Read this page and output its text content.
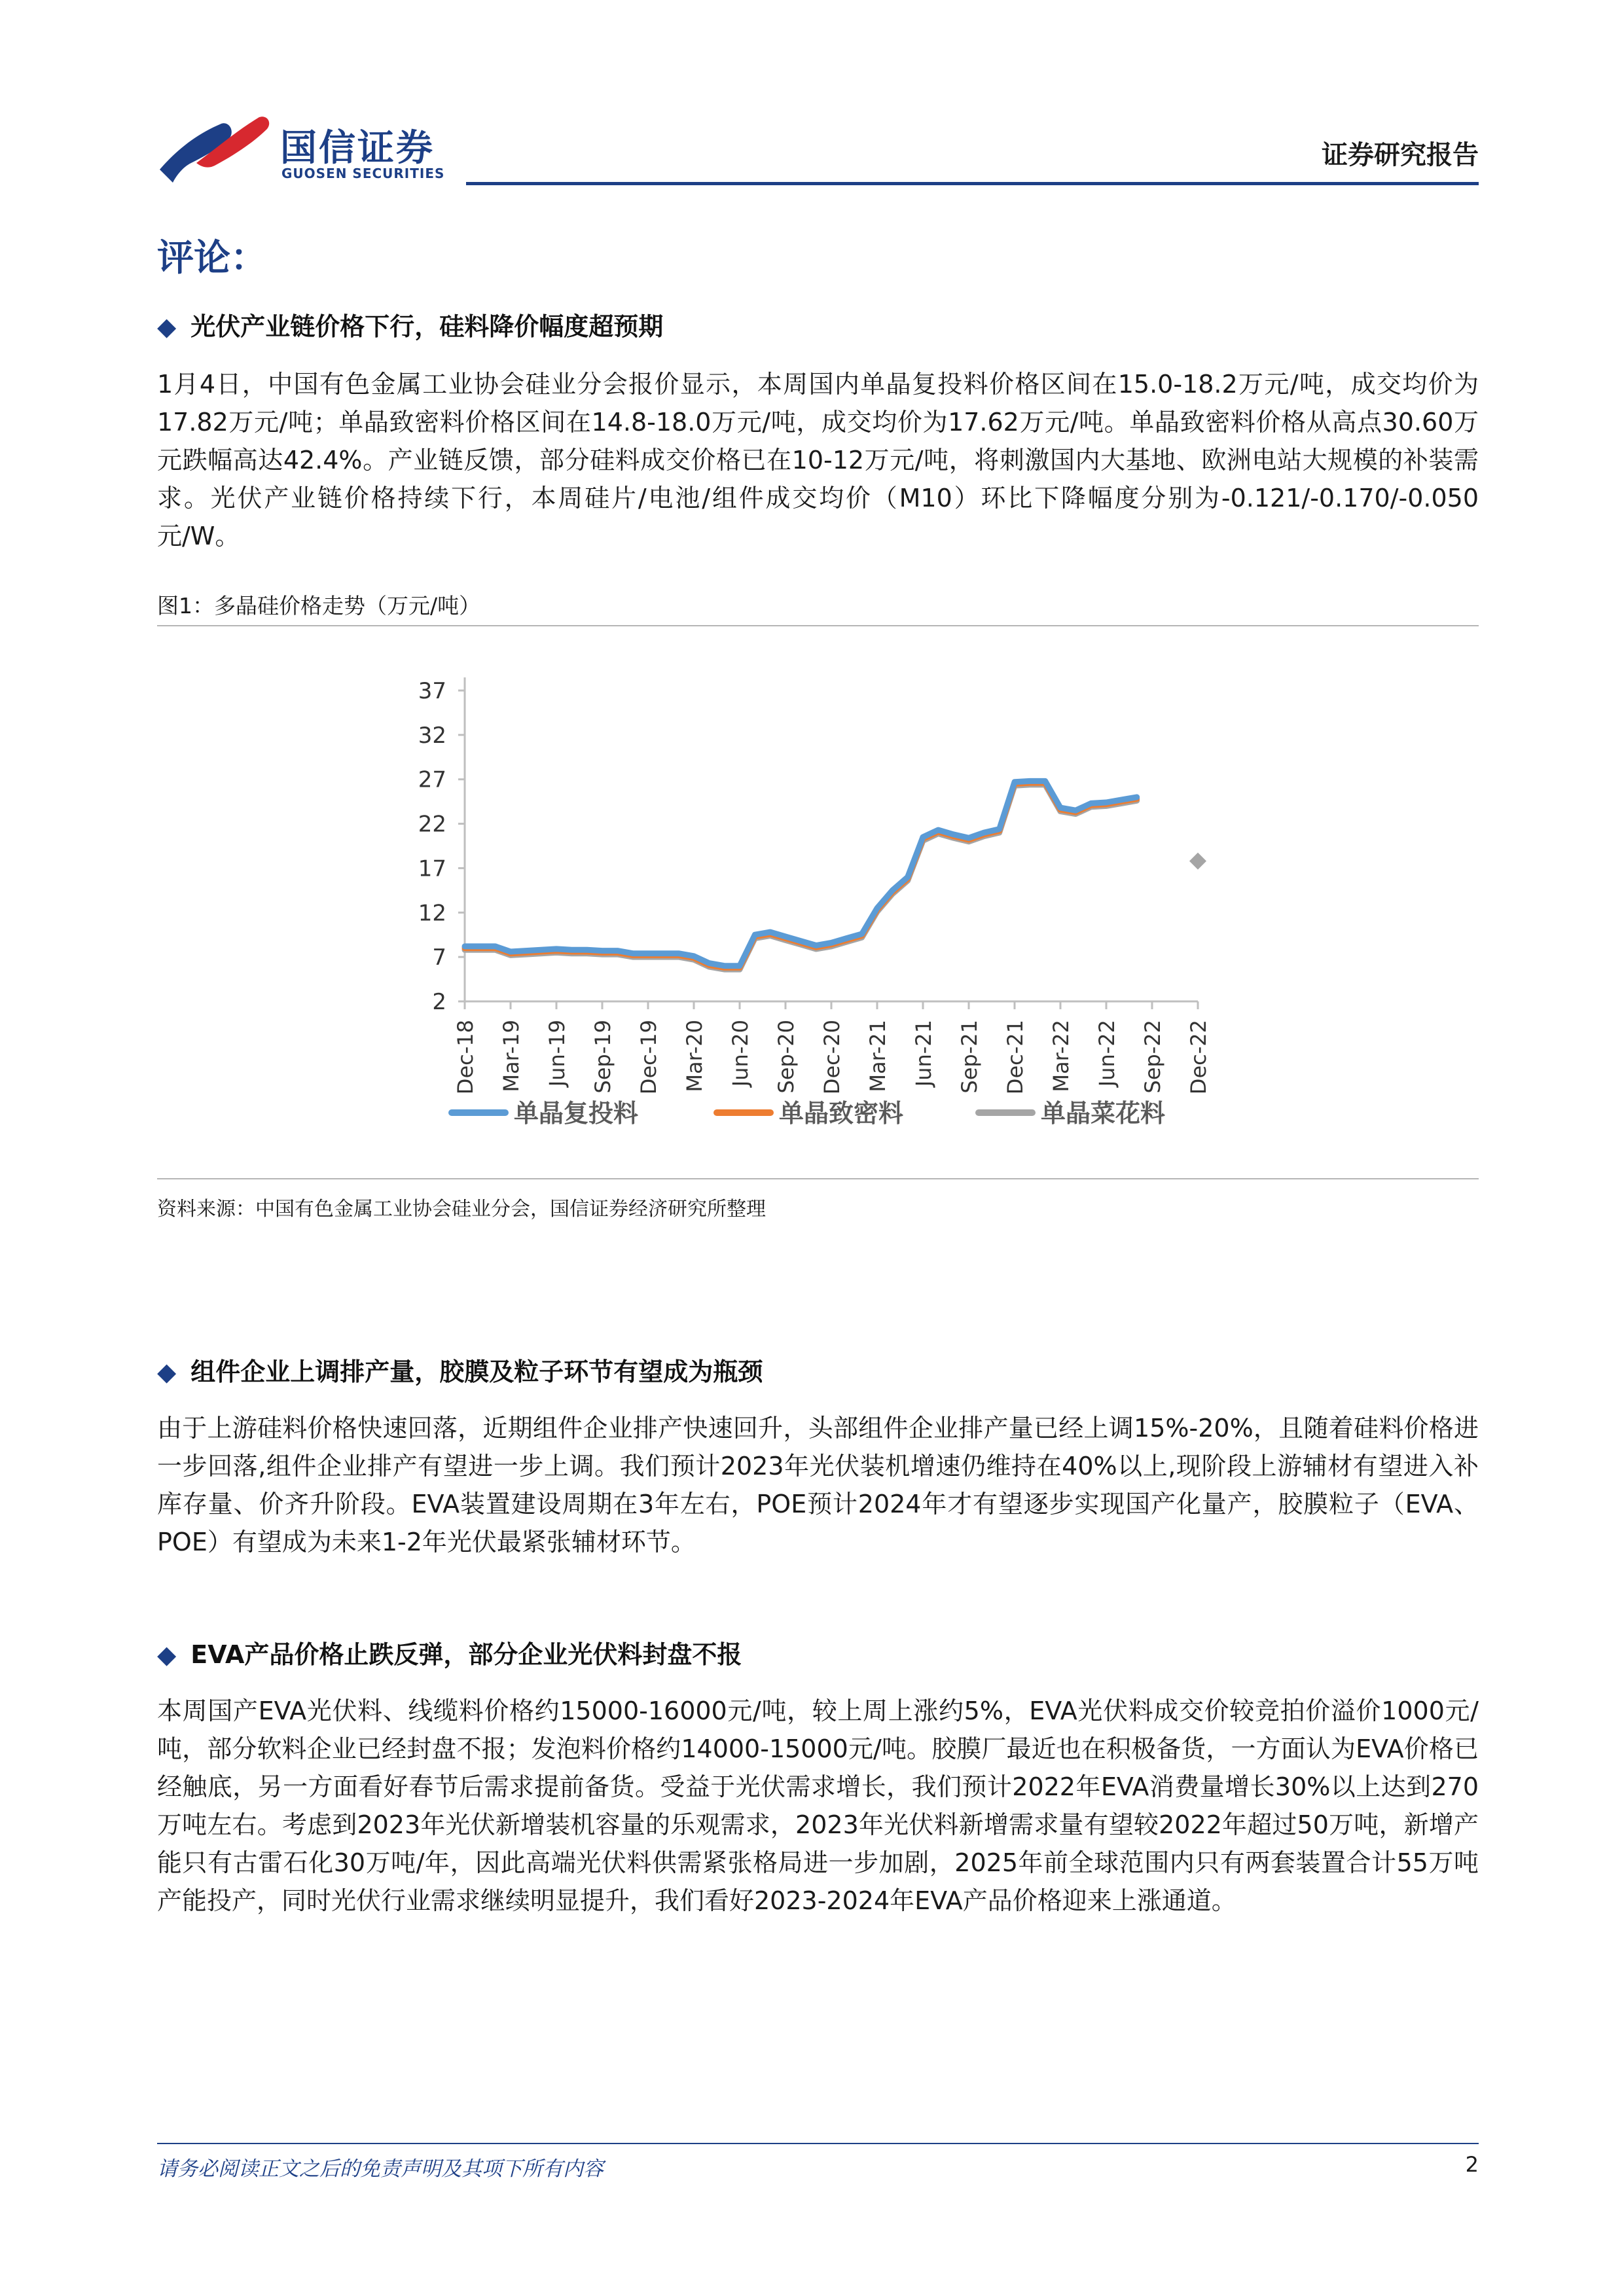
国信证券
GUOSEN SECURITIES
证券研究报告
评论：
◆ 光伏产业链价格下行，硅料降价幅度超预期
1月4日，中国有色金属工业协会硅业分会报价显示，本周国内单晶复投料价格区间在15.0-18.2万元/吨，成交均价为17.82万元/吨；单晶致密料价格区间在14.8-18.0万元/吨，成交均价为17.62万元/吨。单晶致密料价格从高点30.60万元跌幅高达42.4%。产业链反馈，部分硅料成交价格已在10-12万元/吨，将刺激国内大基地、欧洲电站大规模的补装需求。光伏产业链价格持续下行，本周硅片/电池/组件成交均价（M10）环比下降幅度分别为-0.121/-0.170/-0.050元/W。
图1：多晶硅价格走势（万元/吨）
2
7
12
17
22
27
32
37
Dec-18 Mar-19 Jun-19 Sep-19 Dec-19 Mar-20 Jun-20 Sep-20 Dec-20 Mar-21 Jun-21 Sep-21 Dec-21 Mar-22 Jun-22 Sep-22 Dec-22
单晶复投料	单晶致密料	单晶菜花料
资料来源：中国有色金属工业协会硅业分会，国信证券经济研究所整理
◆ 组件企业上调排产量，胶膜及粒子环节有望成为瓶颈
由于上游硅料价格快速回落，近期组件企业排产快速回升，头部组件企业排产量已经上调15%-20%，且随着硅料价格进一步回落,组件企业排产有望进一步上调。我们预计2023年光伏装机增速仍维持在40%以上,现阶段上游辅材有望进入补库存量、价齐升阶段。EVA装置建设周期在3年左右，POE预计2024年才有望逐步实现国产化量产，胶膜粒子（EVA、POE）有望成为未来1-2年光伏最紧张辅材环节。
◆ EVA产品价格止跌反弹，部分企业光伏料封盘不报
本周国产EVA光伏料、线缆料价格约15000-16000元/吨，较上周上涨约5%，EVA光伏料成交价较竞拍价溢价1000元/吨，部分软料企业已经封盘不报；发泡料价格约14000-15000元/吨。胶膜厂最近也在积极备货，一方面认为EVA价格已经触底，另一方面看好春节后需求提前备货。受益于光伏需求增长，我们预计2022年EVA消费量增长30%以上达到270万吨左右。考虑到2023年光伏新增装机容量的乐观需求，2023年光伏料新增需求量有望较2022年超过50万吨，新增产能只有古雷石化30万吨/年，因此高端光伏料供需紧张格局进一步加剧，2025年前全球范围内只有两套装置合计55万吨产能投产，同时光伏行业需求继续明显提升，我们看好2023-2024年EVA产品价格迎来上涨通道。
请务必阅读正文之后的免责声明及其项下所有内容	2
